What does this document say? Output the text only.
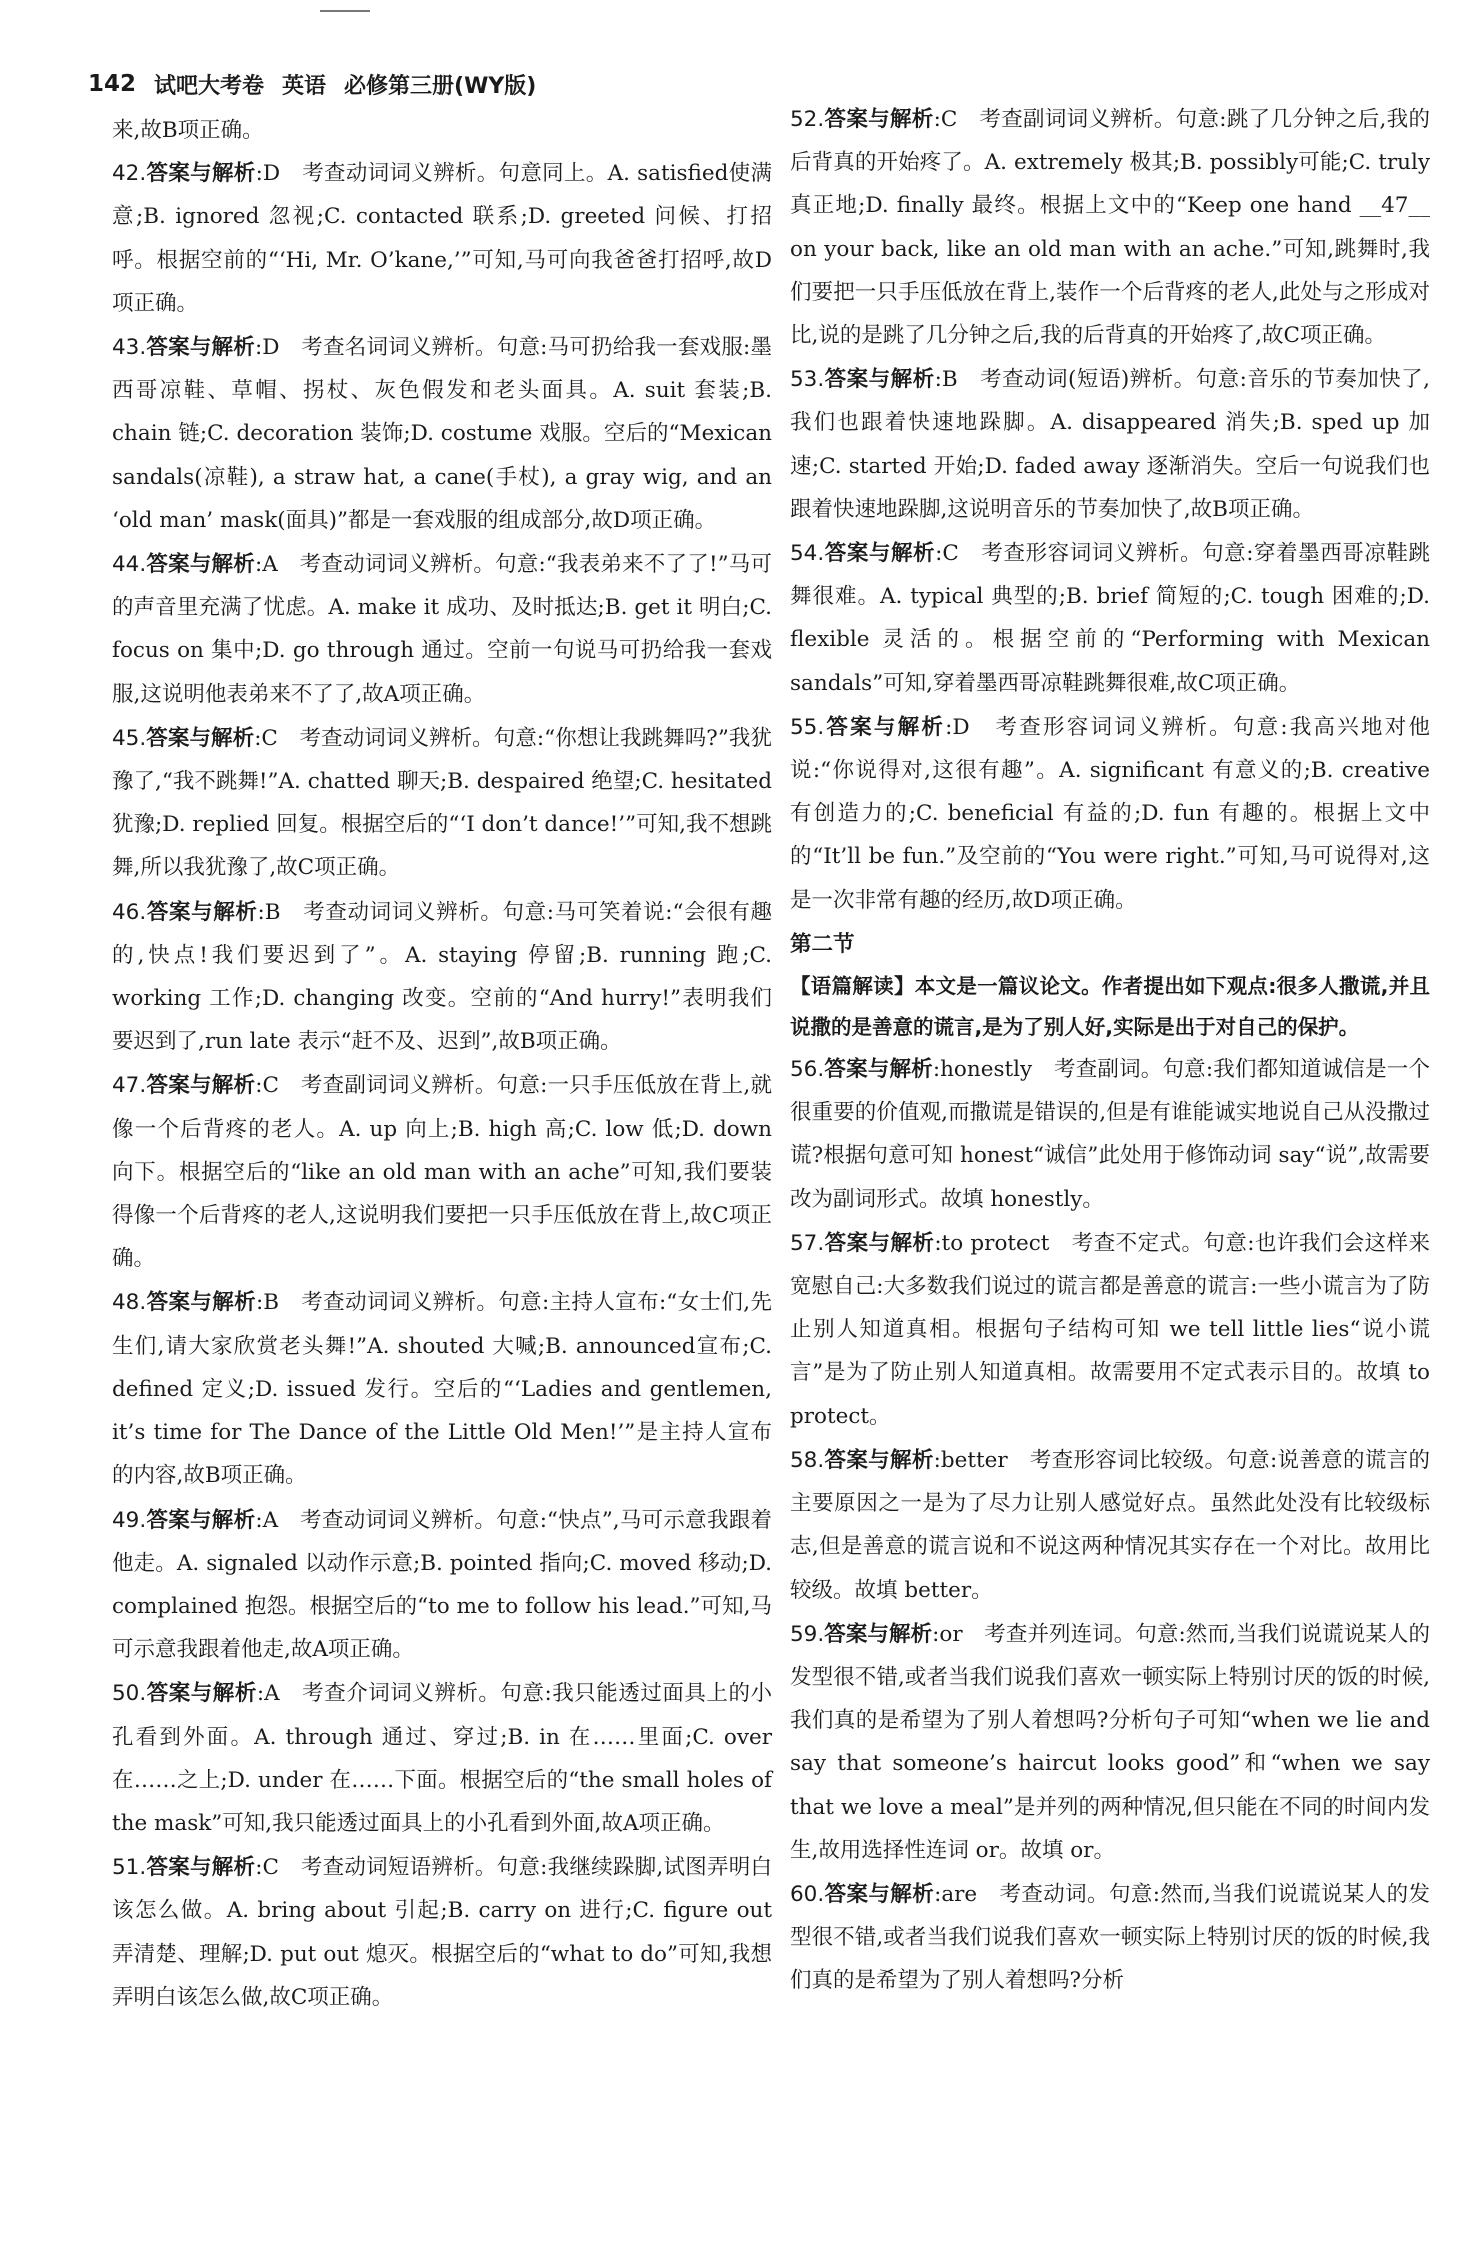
142 试吧大考卷 英语 必修第三册(WY版)
来,故B项正确。
42.答案与解析:D　考查动词词义辨析。句意同上。A. satisfied使满意;B. ignored 忽视;C. contacted 联系;D. greeted 问候、打招呼。根据空前的“‘Hi, Mr. O’kane,’”可知,马可向我爸爸打招呼,故D项正确。
43.答案与解析:D　考查名词词义辨析。句意:马可扔给我一套戏服:墨西哥凉鞋、草帽、拐杖、灰色假发和老头面具。A. suit 套装;B. chain 链;C. decoration 装饰;D. costume 戏服。空后的“Mexican sandals(凉鞋), a straw hat, a cane(手杖), a gray wig, and an ‘old man’ mask(面具)”都是一套戏服的组成部分,故D项正确。
44.答案与解析:A　考查动词词义辨析。句意:“我表弟来不了了!”马可的声音里充满了忧虑。A. make it 成功、及时抵达;B. get it 明白;C. focus on 集中;D. go through 通过。空前一句说马可扔给我一套戏服,这说明他表弟来不了了,故A项正确。
45.答案与解析:C　考查动词词义辨析。句意:“你想让我跳舞吗?”我犹豫了,“我不跳舞!”A. chatted 聊天;B. despaired 绝望;C. hesitated 犹豫;D. replied 回复。根据空后的“‘I don’t dance!’”可知,我不想跳舞,所以我犹豫了,故C项正确。
46.答案与解析:B　考查动词词义辨析。句意:马可笑着说:“会很有趣的,快点!我们要迟到了”。A. staying 停留;B. running 跑;C. working 工作;D. changing 改变。空前的“And hurry!”表明我们要迟到了,run late 表示“赶不及、迟到”,故B项正确。
47.答案与解析:C　考查副词词义辨析。句意:一只手压低放在背上,就像一个后背疼的老人。A. up 向上;B. high 高;C. low 低;D. down 向下。根据空后的“like an old man with an ache”可知,我们要装得像一个后背疼的老人,这说明我们要把一只手压低放在背上,故C项正确。
48.答案与解析:B　考查动词词义辨析。句意:主持人宣布:“女士们,先生们,请大家欣赏老头舞!”A. shouted 大喊;B. announced宣布;C. defined 定义;D. issued 发行。空后的“‘Ladies and gentlemen, it’s time for The Dance of the Little Old Men!’”是主持人宣布的内容,故B项正确。
49.答案与解析:A　考查动词词义辨析。句意:“快点”,马可示意我跟着他走。A. signaled 以动作示意;B. pointed 指向;C. moved 移动;D. complained 抱怨。根据空后的“to me to follow his lead.”可知,马可示意我跟着他走,故A项正确。
50.答案与解析:A　考查介词词义辨析。句意:我只能透过面具上的小孔看到外面。A. through 通过、穿过;B. in 在……里面;C. over 在……之上;D. under 在……下面。根据空后的“the small holes of the mask”可知,我只能透过面具上的小孔看到外面,故A项正确。
51.答案与解析:C　考查动词短语辨析。句意:我继续跺脚,试图弄明白该怎么做。A. bring about 引起;B. carry on 进行;C. figure out 弄清楚、理解;D. put out 熄灭。根据空后的“what to do”可知,我想弄明白该怎么做,故C项正确。
52.答案与解析:C　考查副词词义辨析。句意:跳了几分钟之后,我的后背真的开始疼了。A. extremely 极其;B. possibly可能;C. truly 真正地;D. finally 最终。根据上文中的“Keep one hand __47__ on your back, like an old man with an ache.”可知,跳舞时,我们要把一只手压低放在背上,装作一个后背疼的老人,此处与之形成对比,说的是跳了几分钟之后,我的后背真的开始疼了,故C项正确。
53.答案与解析:B　考查动词(短语)辨析。句意:音乐的节奏加快了,我们也跟着快速地跺脚。A. disappeared 消失;B. sped up 加速;C. started 开始;D. faded away 逐渐消失。空后一句说我们也跟着快速地跺脚,这说明音乐的节奏加快了,故B项正确。
54.答案与解析:C　考查形容词词义辨析。句意:穿着墨西哥凉鞋跳舞很难。A. typical 典型的;B. brief 简短的;C. tough 困难的;D. flexible 灵活的。根据空前的“Performing with Mexican sandals”可知,穿着墨西哥凉鞋跳舞很难,故C项正确。
55.答案与解析:D　考查形容词词义辨析。句意:我高兴地对他说:“你说得对,这很有趣”。A. significant 有意义的;B. creative 有创造力的;C. beneficial 有益的;D. fun 有趣的。根据上文中的“It’ll be fun.”及空前的“You were right.”可知,马可说得对,这是一次非常有趣的经历,故D项正确。
第二节
【语篇解读】本文是一篇议论文。作者提出如下观点:很多人撒谎,并且说撒的是善意的谎言,是为了别人好,实际是出于对自己的保护。
56.答案与解析:honestly　考查副词。句意:我们都知道诚信是一个很重要的价值观,而撒谎是错误的,但是有谁能诚实地说自己从没撒过谎?根据句意可知 honest“诚信”此处用于修饰动词 say“说”,故需要改为副词形式。故填 honestly。
57.答案与解析:to protect　考查不定式。句意:也许我们会这样来宽慰自己:大多数我们说过的谎言都是善意的谎言:一些小谎言为了防止别人知道真相。根据句子结构可知 we tell little lies“说小谎言”是为了防止别人知道真相。故需要用不定式表示目的。故填 to protect。
58.答案与解析:better　考查形容词比较级。句意:说善意的谎言的主要原因之一是为了尽力让别人感觉好点。虽然此处没有比较级标志,但是善意的谎言说和不说这两种情况其实存在一个对比。故用比较级。故填 better。
59.答案与解析:or　考查并列连词。句意:然而,当我们说谎说某人的发型很不错,或者当我们说我们喜欢一顿实际上特别讨厌的饭的时候,我们真的是希望为了别人着想吗?分析句子可知“when we lie and say that someone’s haircut looks good”和“when we say that we love a meal”是并列的两种情况,但只能在不同的时间内发生,故用选择性连词 or。故填 or。
60.答案与解析:are　考查动词。句意:然而,当我们说谎说某人的发型很不错,或者当我们说我们喜欢一顿实际上特别讨厌的饭的时候,我们真的是希望为了别人着想吗?分析
